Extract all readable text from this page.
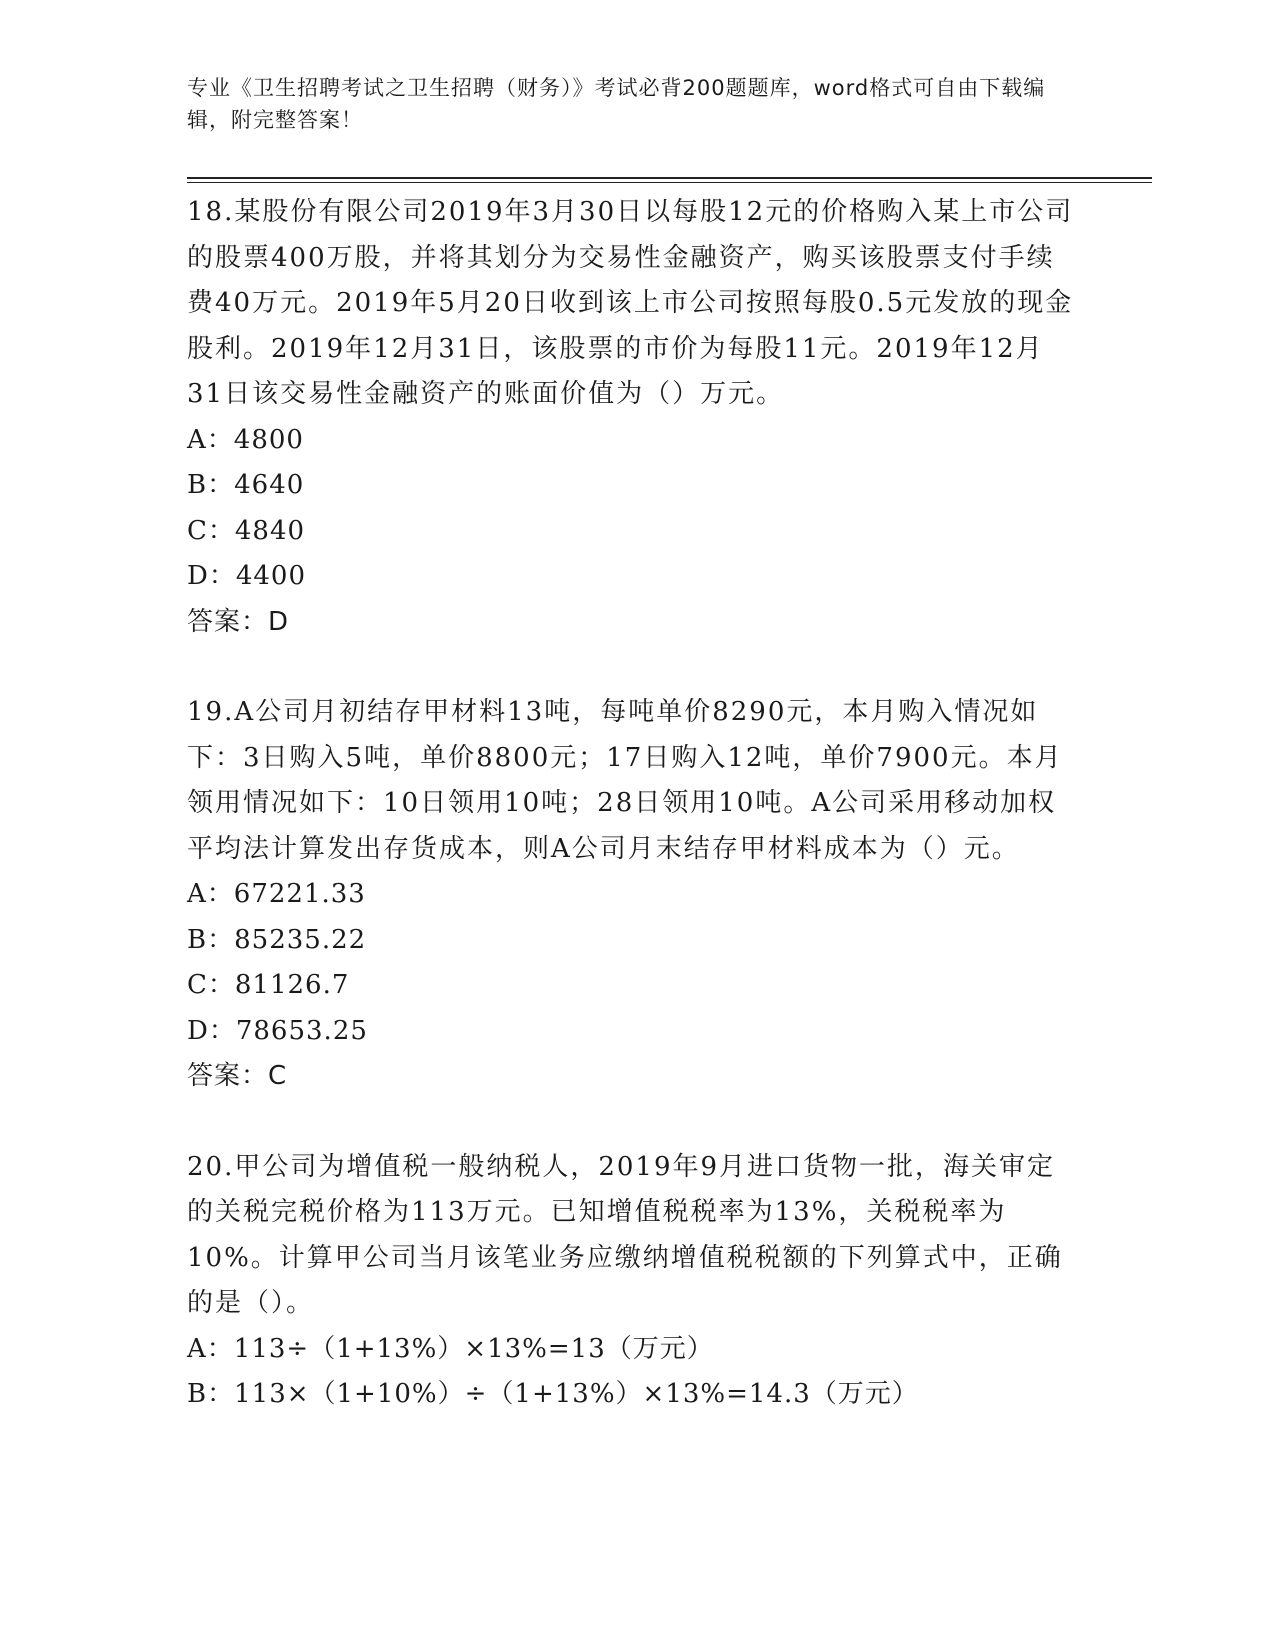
专业《卫生招聘考试之卫生招聘（财务）》考试必背200题题库，word格式可自由下载编辑，附完整答案！

18.某股份有限公司2019年3月30日以每股12元的价格购入某上市公司的股票400万股，并将其划分为交易性金融资产，购买该股票支付手续费40万元。2019年5月20日收到该上市公司按照每股0.5元发放的现金股利。2019年12月31日，该股票的市价为每股11元。2019年12月31日该交易性金融资产的账面价值为（）万元。

A：4800

B：4640

C：4840

D：4400

答案：D

19.A公司月初结存甲材料13吨，每吨单价8290元，本月购入情况如下：3日购入5吨，单价8800元；17日购入12吨，单价7900元。本月领用情况如下：10日领用10吨；28日领用10吨。A公司采用移动加权平均法计算发出存货成本，则A公司月末结存甲材料成本为（）元。

A：67221.33

B：85235.22

C：81126.7

D：78653.25

答案：C

20.甲公司为增值税一般纳税人，2019年9月进口货物一批，海关审定的关税完税价格为113万元。已知增值税税率为13%，关税税率为10%。计算甲公司当月该笔业务应缴纳增值税税额的下列算式中，正确的是（）。

A：113÷（1+13%）×13%=13（万元）

B：113×（1+10%）÷（1+13%）×13%=14.3（万元）
